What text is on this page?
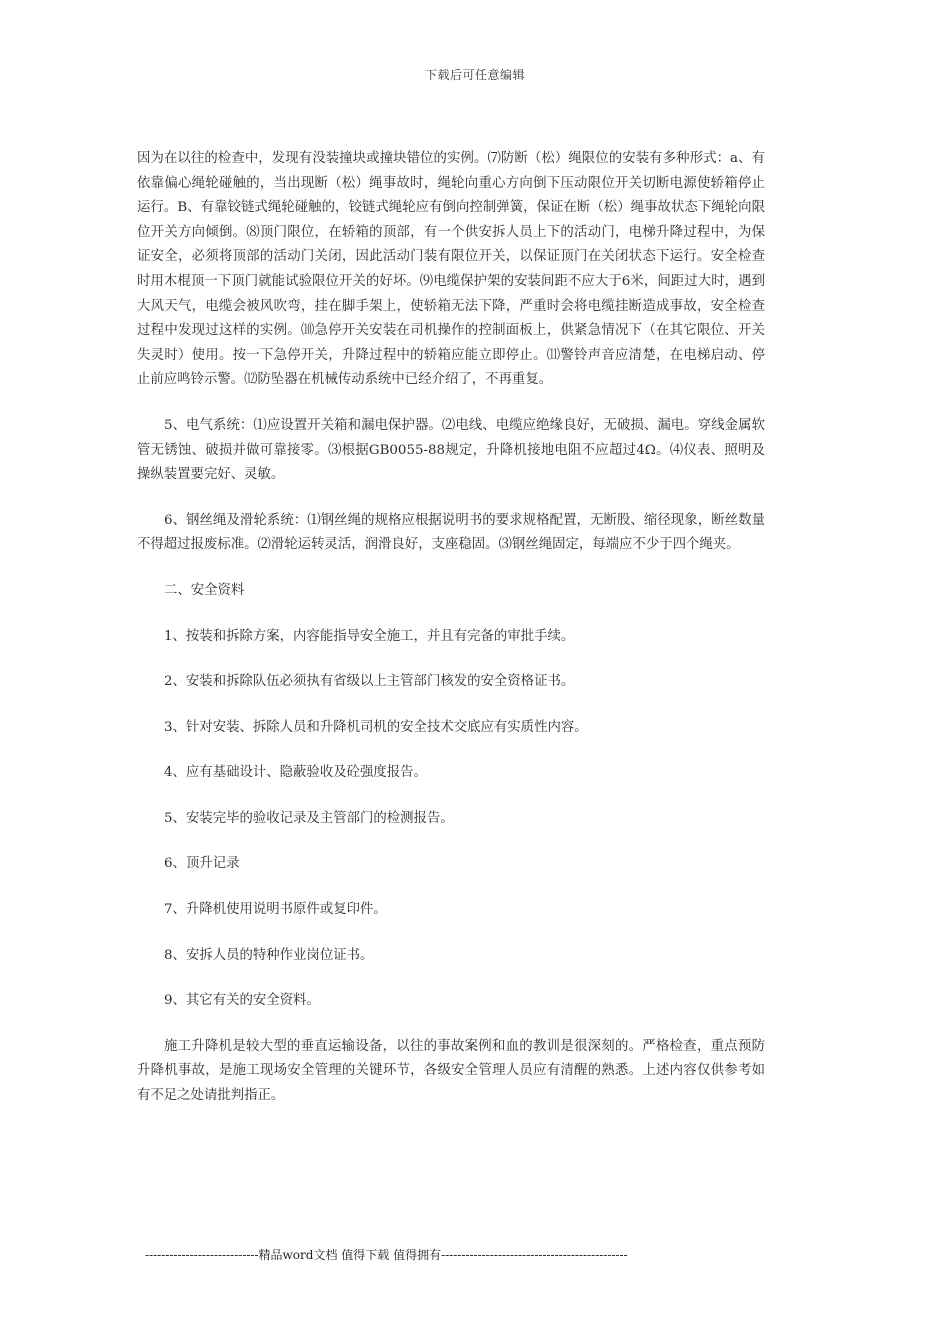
下载后可任意编辑

因为在以往的检查中，发现有没装撞块或撞块错位的实例。⑺防断（松）绳限位的安装有多种形式：a、有依靠偏心绳轮碰触的，当出现断（松）绳事故时，绳轮向重心方向倒下压动限位开关切断电源使轿箱停止运行。B、有靠铰链式绳轮碰触的，铰链式绳轮应有倒向控制弹簧，保证在断（松）绳事故状态下绳轮向限位开关方向倾倒。⑻顶门限位，在轿箱的顶部，有一个供安拆人员上下的活动门，电梯升降过程中，为保证安全，必须将顶部的活动门关闭，因此活动门装有限位开关，以保证顶门在关闭状态下运行。安全检查时用木棍顶一下顶门就能试验限位开关的好坏。⑼电缆保护架的安装间距不应大于6米，间距过大时，遇到大风天气，电缆会被风吹弯，挂在脚手架上，使轿箱无法下降，严重时会将电缆挂断造成事故，安全检查过程中发现过这样的实例。⑽急停开关安装在司机操作的控制面板上，供紧急情况下（在其它限位、开关失灵时）使用。按一下急停开关，升降过程中的轿箱应能立即停止。⑾警铃声音应清楚，在电梯启动、停止前应鸣铃示警。⑿防坠器在机械传动系统中已经介绍了，不再重复。

5、电气系统：⑴应设置开关箱和漏电保护器。⑵电线、电缆应绝缘良好，无破损、漏电。穿线金属软管无锈蚀、破损并做可靠接零。⑶根据GB0055-88规定，升降机接地电阻不应超过4Ω。⑷仪表、照明及操纵装置要完好、灵敏。

6、钢丝绳及滑轮系统：⑴钢丝绳的规格应根据说明书的要求规格配置，无断股、缩径现象，断丝数量不得超过报废标准。⑵滑轮运转灵活，润滑良好，支座稳固。⑶钢丝绳固定，每端应不少于四个绳夹。

二、安全资料

1、按装和拆除方案，内容能指导安全施工，并且有完备的审批手续。

2、安装和拆除队伍必须执有省级以上主管部门核发的安全资格证书。

3、针对安装、拆除人员和升降机司机的安全技术交底应有实质性内容。

4、应有基础设计、隐蔽验收及砼强度报告。

5、安装完毕的验收记录及主管部门的检测报告。

6、顶升记录

7、升降机使用说明书原件或复印件。

8、安拆人员的特种作业岗位证书。

9、其它有关的安全资料。

施工升降机是较大型的垂直运输设备，以往的事故案例和血的教训是很深刻的。严格检查，重点预防升降机事故，是施工现场安全管理的关键环节，各级安全管理人员应有清醒的熟悉。上述内容仅供参考如有不足之处请批判指正。

----------------------------精品word文档 值得下载 值得拥有----------------------------------------------
